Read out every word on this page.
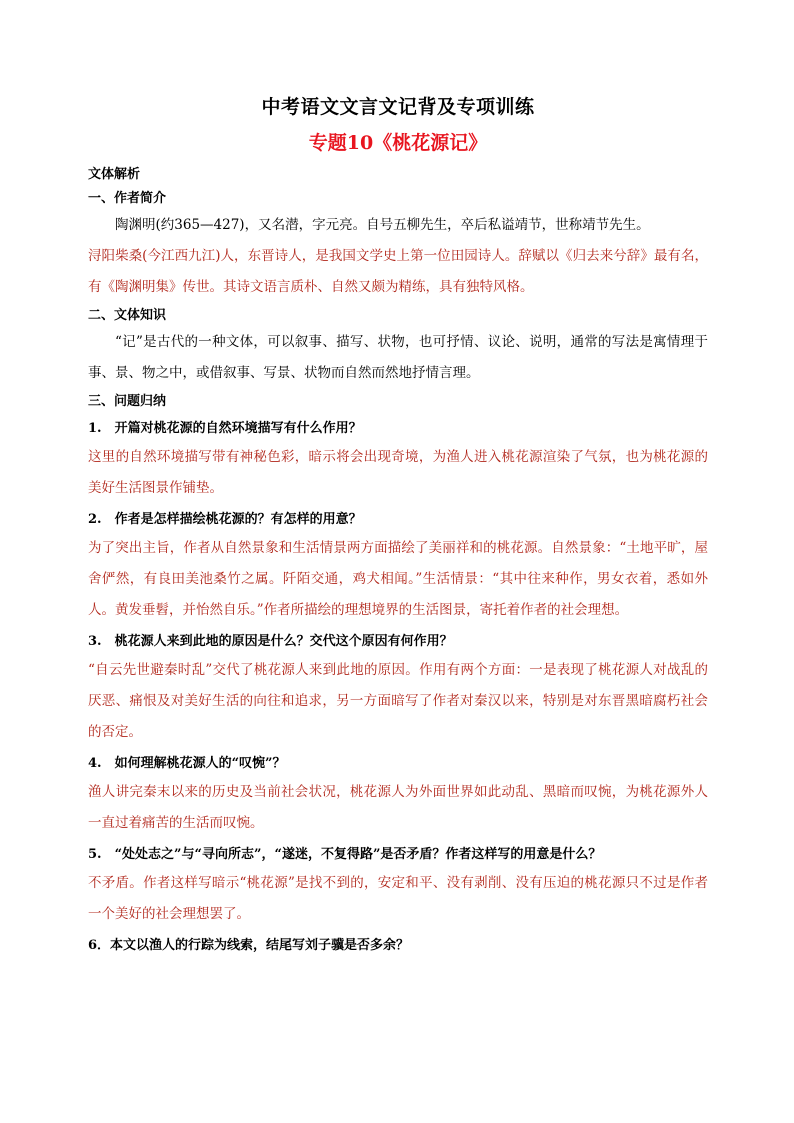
中考语文文言文记背及专项训练
专题10《桃花源记》
文体解析
一、作者简介

陶渊明(约365—427)，又名潜，字元亮。自号五柳先生，卒后私谥靖节，世称靖节先生。

浔阳柴桑(今江西九江)人，东晋诗人，是我国文学史上第一位田园诗人。辞赋以《归去来兮辞》最有名，有《陶渊明集》传世。其诗文语言质朴、自然又颇为精练，具有独特风格。

二、文体知识

“记”是古代的一种文体，可以叙事、描写、状物，也可抒情、议论、说明，通常的写法是寓情理于事、景、物之中，或借叙事、写景、状物而自然而然地抒情言理。

三、问题归纳
1.　开篇对桃花源的自然环境描写有什么作用？

这里的自然环境描写带有神秘色彩，暗示将会出现奇境，为渔人进入桃花源渲染了气氛，也为桃花源的美好生活图景作铺垫。

2.　作者是怎样描绘桃花源的？有怎样的用意？

为了突出主旨，作者从自然景象和生活情景两方面描绘了美丽祥和的桃花源。自然景象：“土地平旷，屋舍俨然，有良田美池桑竹之属。阡陌交通，鸡犬相闻。”生活情景：“其中往来种作，男女衣着，悉如外人。黄发垂髫，并怡然自乐。”作者所描绘的理想境界的生活图景，寄托着作者的社会理想。

3.　桃花源人来到此地的原因是什么？交代这个原因有何作用？

“自云先世避秦时乱”交代了桃花源人来到此地的原因。作用有两个方面：一是表现了桃花源人对战乱的厌恶、痛恨及对美好生活的向往和追求，另一方面暗写了作者对秦汉以来，特别是对东晋黑暗腐朽社会的否定。

4.　如何理解桃花源人的“叹惋”？

渔人讲完秦末以来的历史及当前社会状况，桃花源人为外面世界如此动乱、黑暗而叹惋，为桃花源外人一直过着痛苦的生活而叹惋。

5.　“处处志之”与“寻向所志”，“遂迷，不复得路”是否矛盾？作者这样写的用意是什么？

不矛盾。作者这样写暗示“桃花源”是找不到的，安定和平、没有剥削、没有压迫的桃花源只不过是作者一个美好的社会理想罢了。

6．本文以渔人的行踪为线索，结尾写刘子骥是否多余？
